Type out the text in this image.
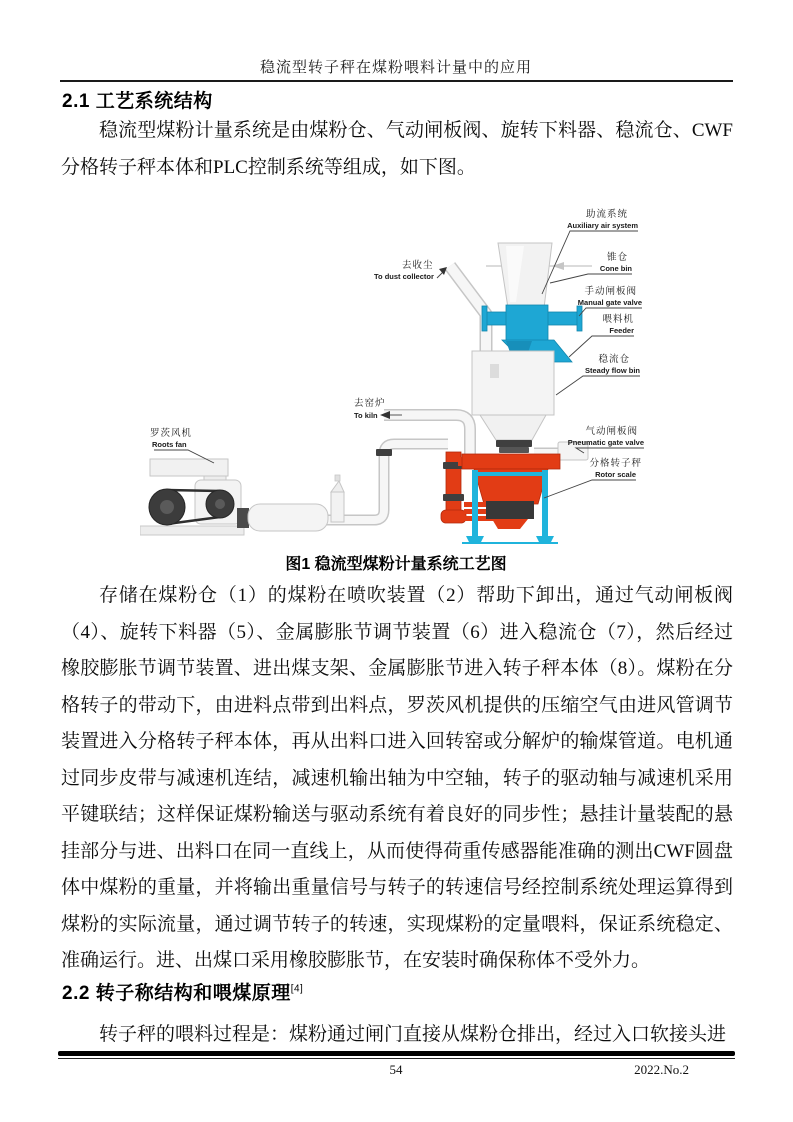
稳流型转子秤在煤粉喂料计量中的应用
2.1 工艺系统结构
稳流型煤粉计量系统是由煤粉仓、气动闸板阀、旋转下料器、稳流仓、CWF分格转子秤本体和PLC控制系统等组成，如下图。
助流系统
Auxiliary air system
锥仓
Cone bin
手动闸板阀
Manual gate valve
喂料机
Feeder
稳流仓
Steady flow bin
气动闸板阀
Pneumatic gate valve
分格转子秤
Rotor scale
去收尘
To dust collector
去窑炉
To kiln
罗茨风机
Roots fan
图1 稳流型煤粉计量系统工艺图
存储在煤粉仓（1）的煤粉在喷吹装置（2）帮助下卸出，通过气动闸板阀（4）、旋转下料器（5）、金属膨胀节调节装置（6）进入稳流仓（7），然后经过橡胶膨胀节调节装置、进出煤支架、金属膨胀节进入转子秤本体（8）。煤粉在分格转子的带动下，由进料点带到出料点，罗茨风机提供的压缩空气由进风管调节装置进入分格转子秤本体，再从出料口进入回转窑或分解炉的输煤管道。电机通过同步皮带与减速机连结，减速机输出轴为中空轴，转子的驱动轴与减速机采用平键联结；这样保证煤粉输送与驱动系统有着良好的同步性；悬挂计量装配的悬挂部分与进、出料口在同一直线上，从而使得荷重传感器能准确的测出CWF圆盘体中煤粉的重量，并将输出重量信号与转子的转速信号经控制系统处理运算得到煤粉的实际流量，通过调节转子的转速，实现煤粉的定量喂料，保证系统稳定、准确运行。进、出煤口采用橡胶膨胀节，在安装时确保称体不受外力。
2.2 转子称结构和喂煤原理[4]
转子秤的喂料过程是：煤粉通过闸门直接从煤粉仓排出，经过入口软接头进
54	2022.No.2
